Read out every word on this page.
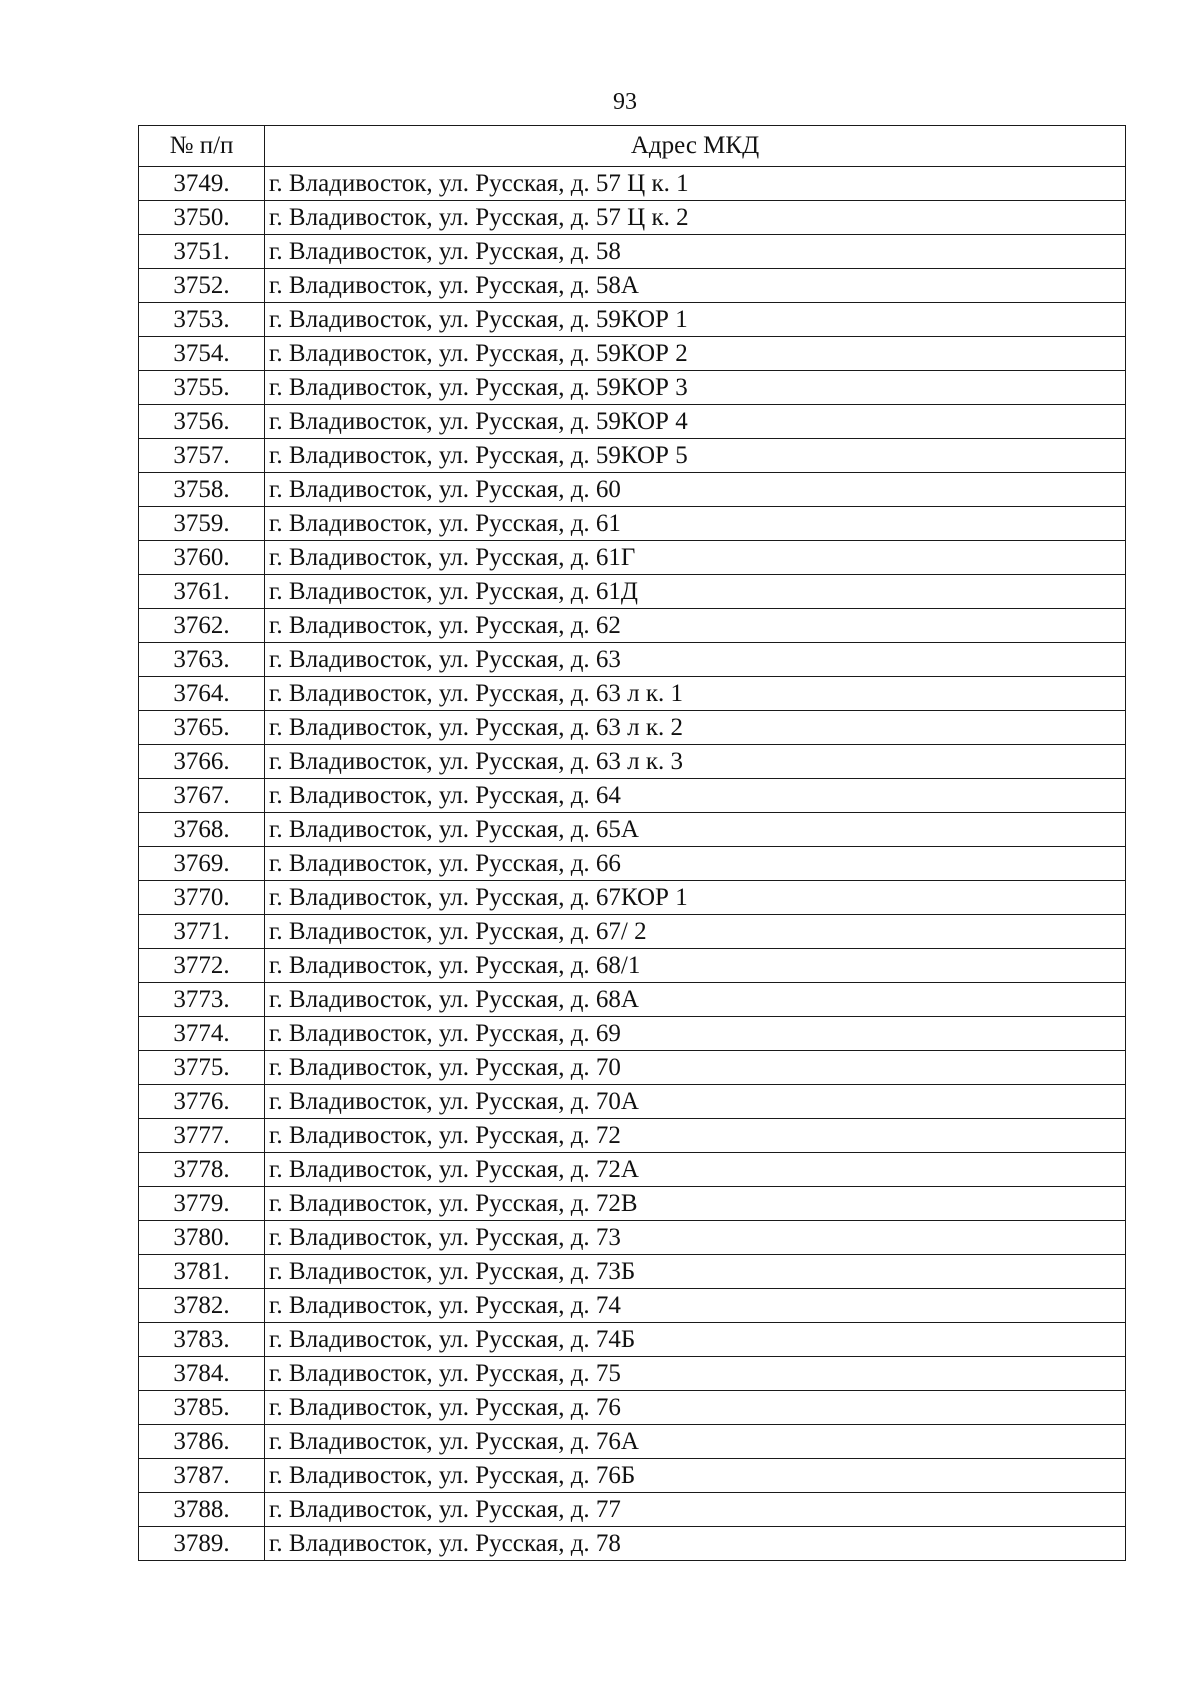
93
№ п/п	Адрес МКД
3749.	г. Владивосток, ул. Русская, д. 57 Ц к. 1
3750.	г. Владивосток, ул. Русская, д. 57 Ц к. 2
3751.	г. Владивосток, ул. Русская, д. 58
3752.	г. Владивосток, ул. Русская, д. 58А
3753.	г. Владивосток, ул. Русская, д. 59КОР 1
3754.	г. Владивосток, ул. Русская, д. 59КОР 2
3755.	г. Владивосток, ул. Русская, д. 59КОР 3
3756.	г. Владивосток, ул. Русская, д. 59КОР 4
3757.	г. Владивосток, ул. Русская, д. 59КОР 5
3758.	г. Владивосток, ул. Русская, д. 60
3759.	г. Владивосток, ул. Русская, д. 61
3760.	г. Владивосток, ул. Русская, д. 61Г
3761.	г. Владивосток, ул. Русская, д. 61Д
3762.	г. Владивосток, ул. Русская, д. 62
3763.	г. Владивосток, ул. Русская, д. 63
3764.	г. Владивосток, ул. Русская, д. 63 л к. 1
3765.	г. Владивосток, ул. Русская, д. 63 л к. 2
3766.	г. Владивосток, ул. Русская, д. 63 л к. 3
3767.	г. Владивосток, ул. Русская, д. 64
3768.	г. Владивосток, ул. Русская, д. 65А
3769.	г. Владивосток, ул. Русская, д. 66
3770.	г. Владивосток, ул. Русская, д. 67КОР 1
3771.	г. Владивосток, ул. Русская, д. 67/ 2
3772.	г. Владивосток, ул. Русская, д. 68/1
3773.	г. Владивосток, ул. Русская, д. 68А
3774.	г. Владивосток, ул. Русская, д. 69
3775.	г. Владивосток, ул. Русская, д. 70
3776.	г. Владивосток, ул. Русская, д. 70А
3777.	г. Владивосток, ул. Русская, д. 72
3778.	г. Владивосток, ул. Русская, д. 72А
3779.	г. Владивосток, ул. Русская, д. 72В
3780.	г. Владивосток, ул. Русская, д. 73
3781.	г. Владивосток, ул. Русская, д. 73Б
3782.	г. Владивосток, ул. Русская, д. 74
3783.	г. Владивосток, ул. Русская, д. 74Б
3784.	г. Владивосток, ул. Русская, д. 75
3785.	г. Владивосток, ул. Русская, д. 76
3786.	г. Владивосток, ул. Русская, д. 76А
3787.	г. Владивосток, ул. Русская, д. 76Б
3788.	г. Владивосток, ул. Русская, д. 77
3789.	г. Владивосток, ул. Русская, д. 78
